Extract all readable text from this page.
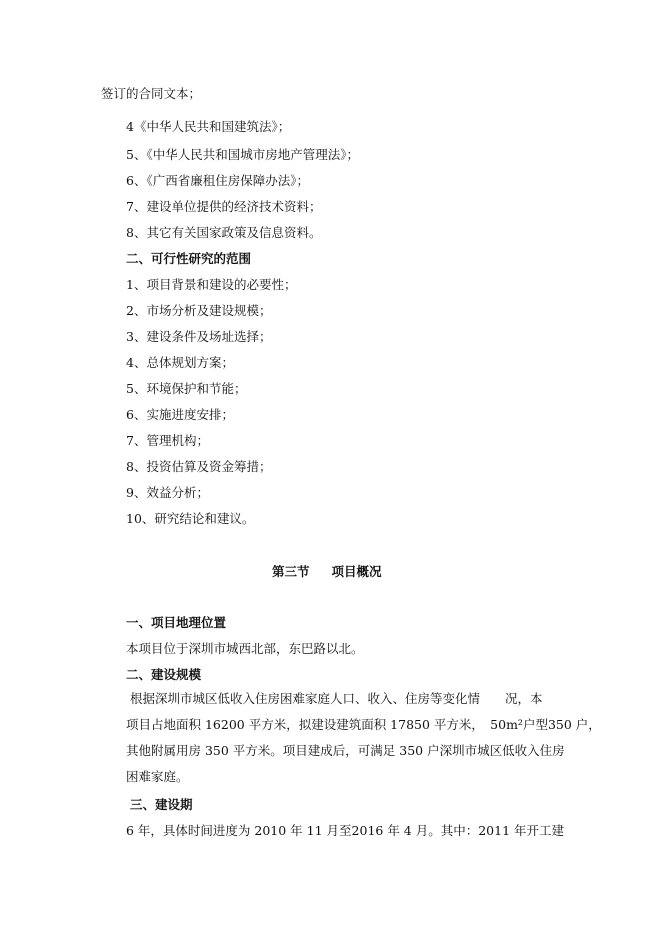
签订的合同文本；
4《中华人民共和国建筑法》；
5、《中华人民共和国城市房地产管理法》；
6、《广西省廉租住房保障办法》；
7、建设单位提供的经济技术资料；
8、其它有关国家政策及信息资料。
二、可行性研究的范围
1、项目背景和建设的必要性；
2、市场分析及建设规模；
3、建设条件及场址选择；
4、总体规划方案；
5、环境保护和节能；
6、实施进度安排；
7、管理机构；
8、投资估算及资金筹措；
9、效益分析；
10、研究结论和建议。
第三节 项目概况
一、项目地理位置
本项目位于深圳市城西北部，东巴路以北。
二、建设规模
根据深圳市城区低收入住房困难家庭人口、收入、住房等变化情　　况，本
项目占地面积 16200 平方米，拟建设建筑面积 17850 平方米，　50m²户型350 户，
其他附属用房 350 平方米。项目建成后，可满足 350 户深圳市城区低收入住房
困难家庭。
三、建设期
6 年，具体时间进度为 2010 年 11 月至2016 年 4 月。其中：2011 年开工建
